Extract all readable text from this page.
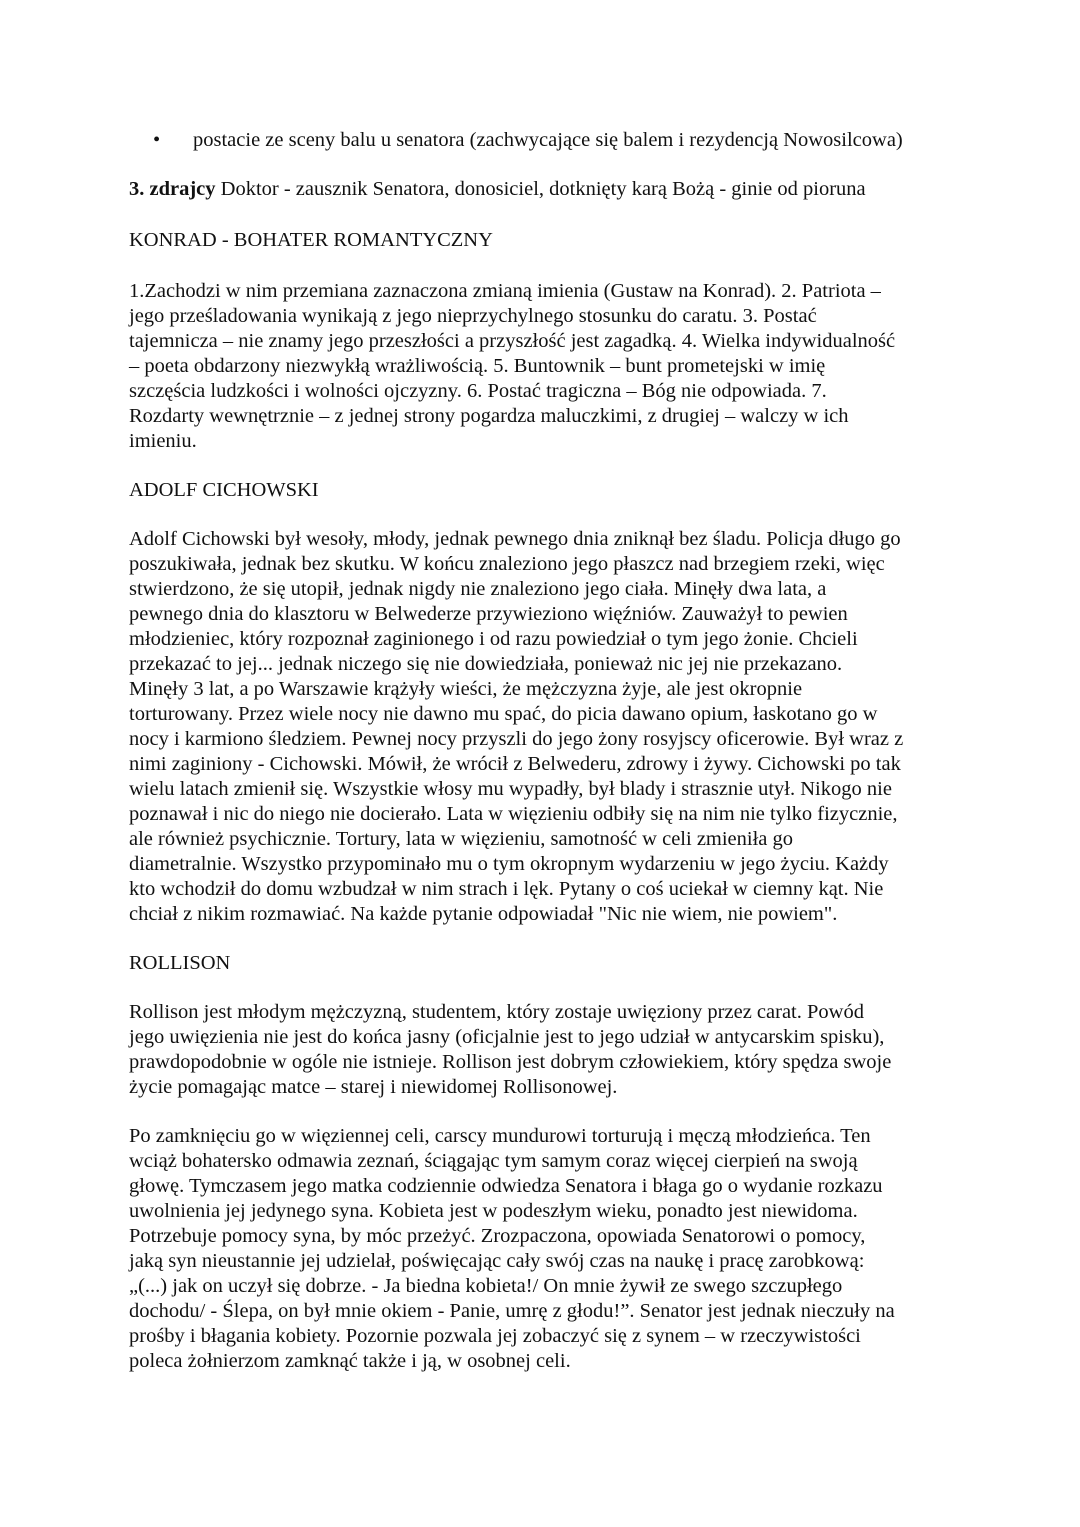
• postacie ze sceny balu u senatora (zachwycające się balem i rezydencją Nowosilcowa)
3. zdrajcy Doktor - zausznik Senatora, donosiciel, dotknięty karą Bożą - ginie od pioruna
KONRAD - BOHATER ROMANTYCZNY
1.Zachodzi w nim przemiana zaznaczona zmianą imienia (Gustaw na Konrad). 2. Patriota –
jego prześladowania wynikają z jego nieprzychylnego stosunku do caratu. 3. Postać
tajemnicza – nie znamy jego przeszłości a przyszłość jest zagadką. 4. Wielka indywidualność
– poeta obdarzony niezwykłą wrażliwością. 5. Buntownik – bunt prometejski w imię
szczęścia ludzkości i wolności ojczyzny. 6. Postać tragiczna – Bóg nie odpowiada. 7.
Rozdarty wewnętrznie – z jednej strony pogardza maluczkimi, z drugiej – walczy w ich
imieniu.
ADOLF CICHOWSKI
Adolf Cichowski był wesoły, młody, jednak pewnego dnia zniknął bez śladu. Policja długo go
poszukiwała, jednak bez skutku. W końcu znaleziono jego płaszcz nad brzegiem rzeki, więc
stwierdzono, że się utopił, jednak nigdy nie znaleziono jego ciała. Minęły dwa lata, a
pewnego dnia do klasztoru w Belwederze przywieziono więźniów. Zauważył to pewien
młodzieniec, który rozpoznał zaginionego i od razu powiedział o tym jego żonie. Chcieli
przekazać to jej... jednak niczego się nie dowiedziała, ponieważ nic jej nie przekazano.
Minęły 3 lat, a po Warszawie krążyły wieści, że mężczyzna żyje, ale jest okropnie
torturowany. Przez wiele nocy nie dawno mu spać, do picia dawano opium, łaskotano go w
nocy i karmiono śledziem. Pewnej nocy przyszli do jego żony rosyjscy oficerowie. Był wraz z
nimi zaginiony - Cichowski. Mówił, że wrócił z Belwederu, zdrowy i żywy. Cichowski po tak
wielu latach zmienił się. Wszystkie włosy mu wypadły, był blady i strasznie utył. Nikogo nie
poznawał i nic do niego nie docierało. Lata w więzieniu odbiły się na nim nie tylko fizycznie,
ale również psychicznie. Tortury, lata w więzieniu, samotność w celi zmieniła go
diametralnie. Wszystko przypominało mu o tym okropnym wydarzeniu w jego życiu. Każdy
kto wchodził do domu wzbudzał w nim strach i lęk. Pytany o coś uciekał w ciemny kąt. Nie
chciał z nikim rozmawiać. Na każde pytanie odpowiadał "Nic nie wiem, nie powiem".
ROLLISON
Rollison jest młodym mężczyzną, studentem, który zostaje uwięziony przez carat. Powód
jego uwięzienia nie jest do końca jasny (oficjalnie jest to jego udział w antycarskim spisku),
prawdopodobnie w ogóle nie istnieje. Rollison jest dobrym człowiekiem, który spędza swoje
życie pomagając matce – starej i niewidomej Rollisonowej.
Po zamknięciu go w więziennej celi, carscy mundurowi torturują i męczą młodzieńca. Ten
wciąż bohatersko odmawia zeznań, ściągając tym samym coraz więcej cierpień na swoją
głowę. Tymczasem jego matka codziennie odwiedza Senatora i błaga go o wydanie rozkazu
uwolnienia jej jedynego syna. Kobieta jest w podeszłym wieku, ponadto jest niewidoma.
Potrzebuje pomocy syna, by móc przeżyć. Zrozpaczona, opowiada Senatorowi o pomocy,
jaką syn nieustannie jej udzielał, poświęcając cały swój czas na naukę i pracę zarobkową:
„(...) jak on uczył się dobrze. - Ja biedna kobieta!/ On mnie żywił ze swego szczupłego
dochodu/ - Ślepa, on był mnie okiem - Panie, umrę z głodu!”. Senator jest jednak nieczuły na
prośby i błagania kobiety. Pozornie pozwala jej zobaczyć się z synem – w rzeczywistości
poleca żołnierzom zamknąć także i ją, w osobnej celi.
